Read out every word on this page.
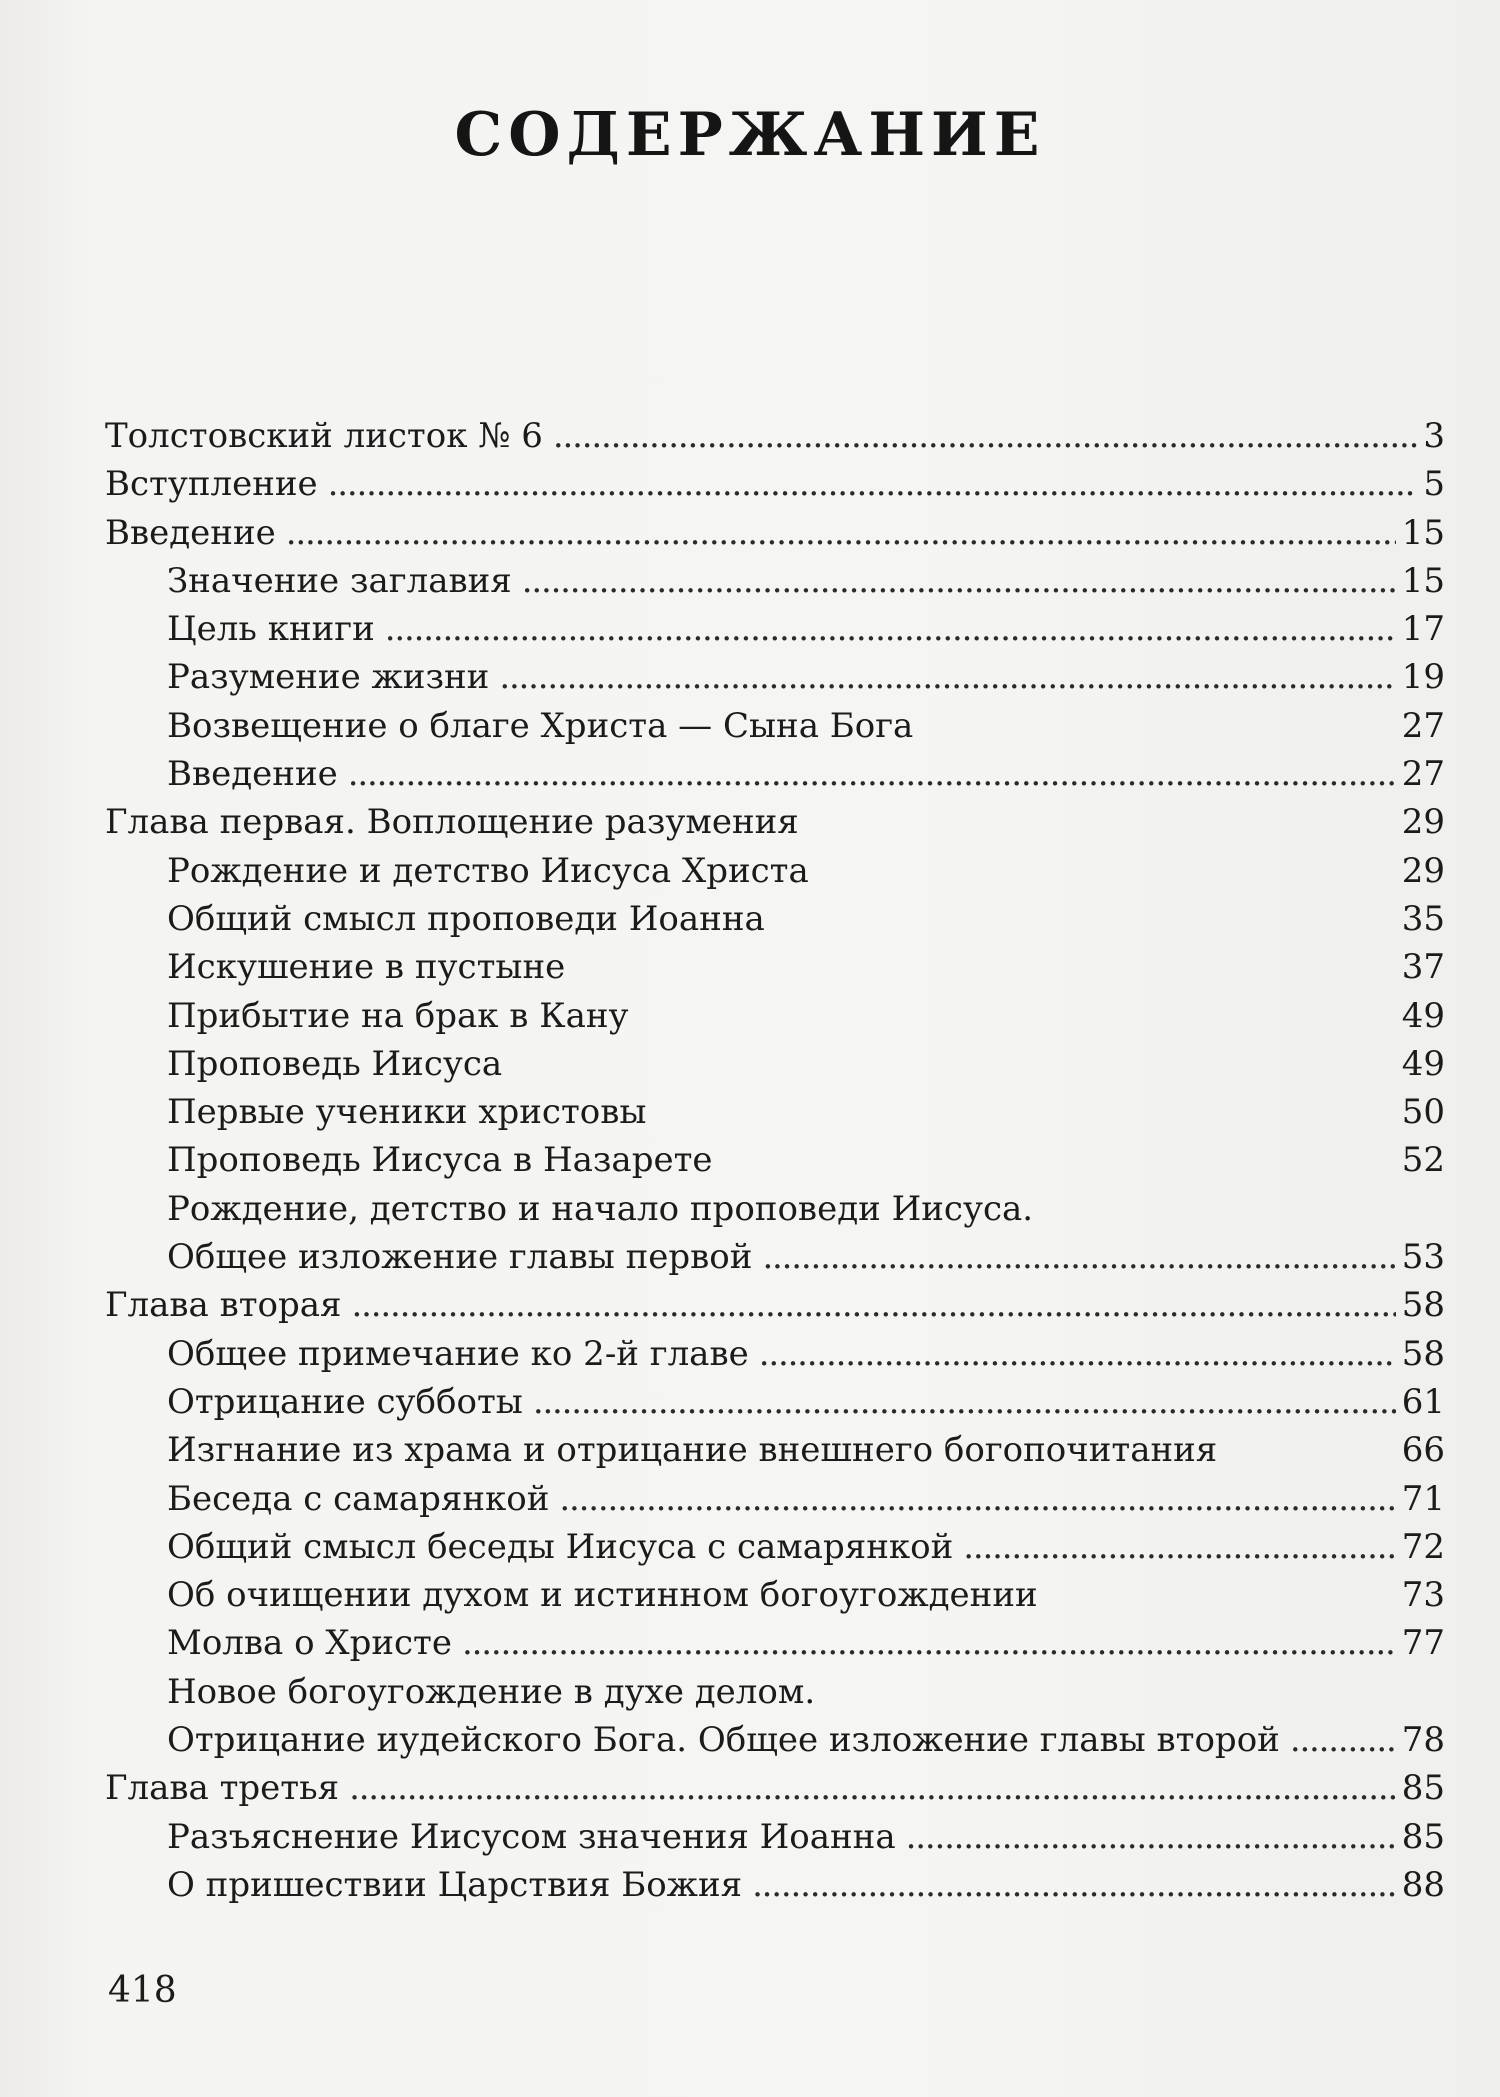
СОДЕРЖАНИЕ
Толстовский листок № 6 . . .	3
Вступление . . .	5
Введение . . .	15
Значение заглавия . . .	15
Цель книги . . .	17
Разумение жизни . . .	19
Возвещение о благе Христа — Сына Бога	27
Введение . . .	27
Глава первая. Воплощение разумения	29
Рождение и детство Иисуса Христа	29
Общий смысл проповеди Иоанна	35
Искушение в пустыне	37
Прибытие на брак в Кану	49
Проповедь Иисуса	49
Первые ученики христовы	50
Проповедь Иисуса в Назарете	52
Рождение, детство и начало проповеди Иисуса.
Общее изложение главы первой . . .	53
Глава вторая . . .	58
Общее примечание ко 2-й главе . . .	58
Отрицание субботы . . .	61
Изгнание из храма и отрицание внешнего богопочитания	66
Беседа с самарянкой . . .	71
Общий смысл беседы Иисуса с самарянкой . . .	72
Об очищении духом и истинном богоугождении	73
Молва о Христе . . .	77
Новое богоугождение в духе делом.
Отрицание иудейского Бога. Общее изложение главы второй . . .	78
Глава третья . . .	85
Разъяснение Иисусом значения Иоанна . . .	85
О пришествии Царствия Божия . . .	88
418
